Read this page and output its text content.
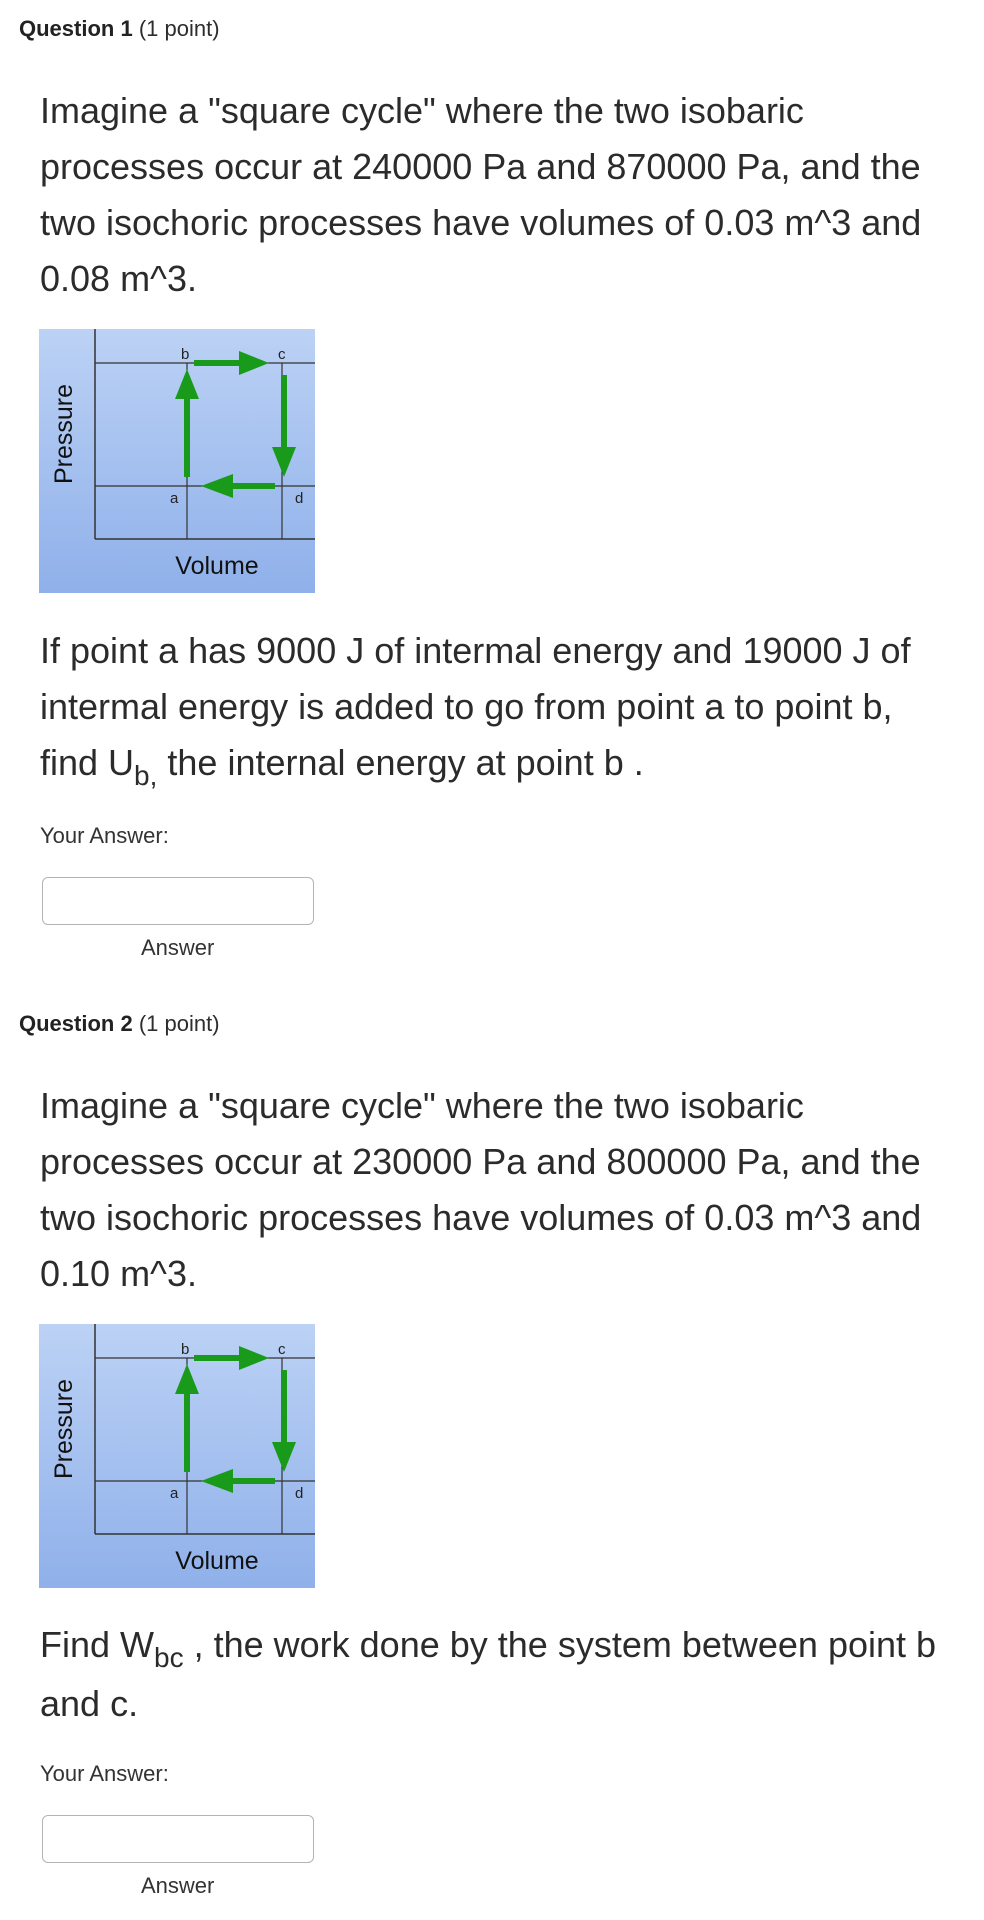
Question 1 (1 point)

Imagine a "square cycle" where the two isobaric processes occur at 240000 Pa and 870000 Pa, and the two isochoric processes have volumes of 0.03 m^3 and 0.08 m^3.

b	c
a	d
Volume
Pressure

If point a has 9000 J of intermal energy and 19000 J of intermal energy is added to go from point a to point b, find $U_{b,}$ the internal energy at point b .

Your Answer:
Answer
Question 2 (1 point)

Imagine a "square cycle" where the two isobaric processes occur at 230000 Pa and 800000 Pa, and the two isochoric processes have volumes of 0.03 m^3 and 0.10 m^3.

b	c
a	d
Volume
Pressure

Find $W_{bc}$ , the work done by the system between point b and c.

Your Answer:
Answer
